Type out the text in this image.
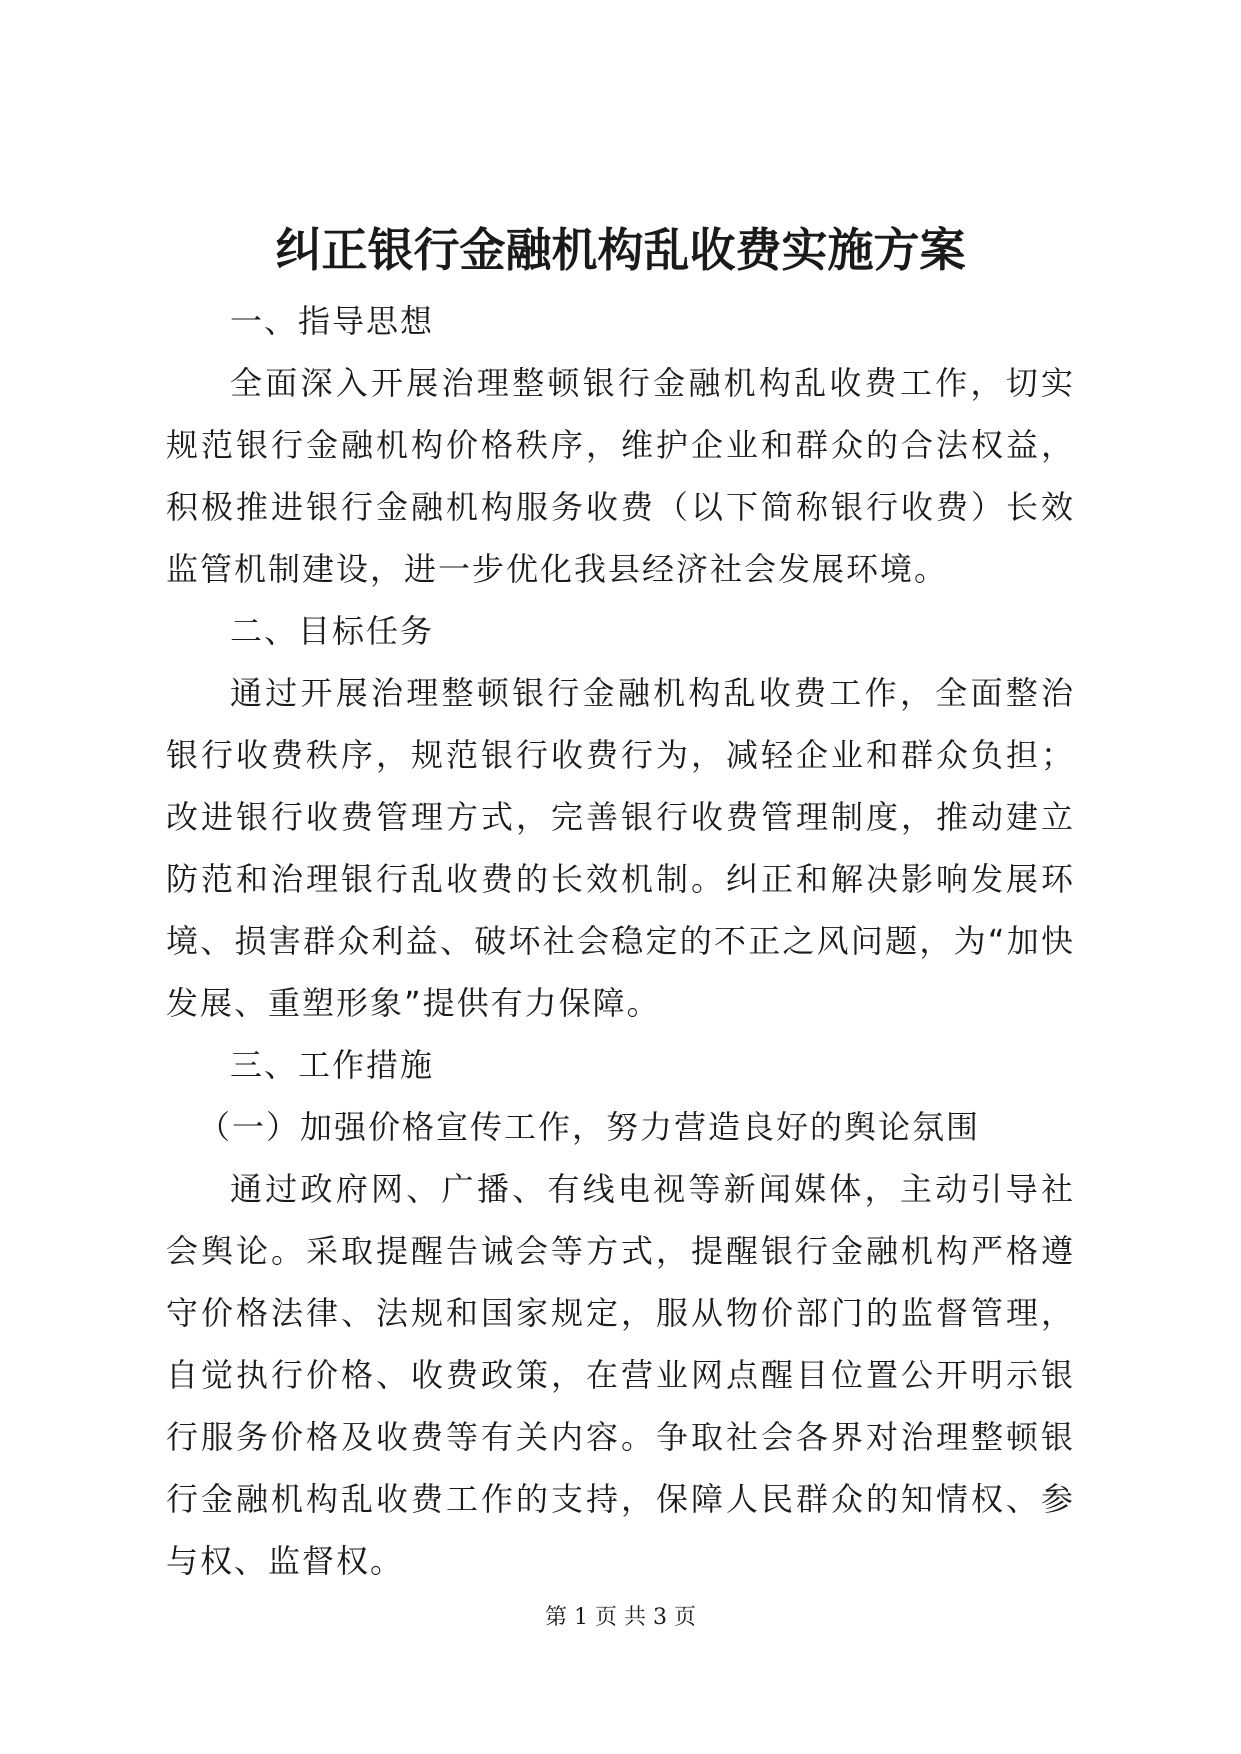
纠正银行金融机构乱收费实施方案

一、指导思想

全面深入开展治理整顿银行金融机构乱收费工作，切实规范银行金融机构价格秩序，维护企业和群众的合法权益，积极推进银行金融机构服务收费（以下简称银行收费）长效监管机制建设，进一步优化我县经济社会发展环境。

二、目标任务

通过开展治理整顿银行金融机构乱收费工作，全面整治银行收费秩序，规范银行收费行为，减轻企业和群众负担；改进银行收费管理方式，完善银行收费管理制度，推动建立防范和治理银行乱收费的长效机制。纠正和解决影响发展环境、损害群众利益、破坏社会稳定的不正之风问题，为“加快发展、重塑形象”提供有力保障。

三、工作措施

（一）加强价格宣传工作，努力营造良好的舆论氛围

通过政府网、广播、有线电视等新闻媒体，主动引导社会舆论。采取提醒告诫会等方式，提醒银行金融机构严格遵守价格法律、法规和国家规定，服从物价部门的监督管理，自觉执行价格、收费政策，在营业网点醒目位置公开明示银行服务价格及收费等有关内容。争取社会各界对治理整顿银行金融机构乱收费工作的支持，保障人民群众的知情权、参与权、监督权。

第 1 页 共 3 页
